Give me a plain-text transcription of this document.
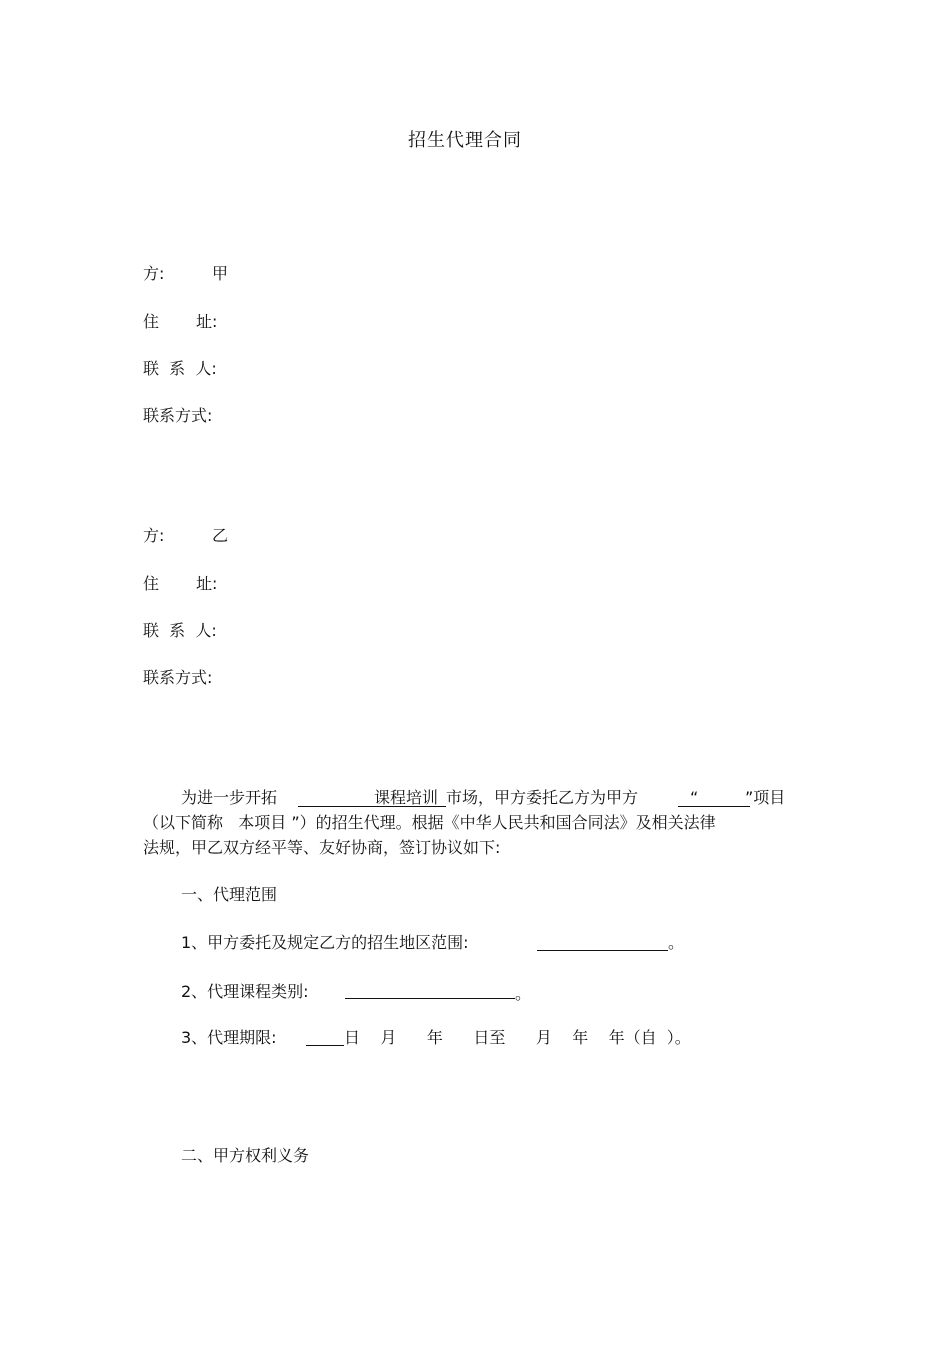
招生代理合同
方:	甲
住 址:
联  系  人:
联系方式:
方:	乙
住 址:
联  系  人:
联系方式:
为进一步开拓	课程培训 市场，甲方委托乙方为甲方	“	”项目
（以下简称   本项目 ”）的招生代理。根据《中华人民共和国合同法》及相关法律
法规，甲乙双方经平等、友好协商，签订协议如下:
一、代理范围
1、甲方委托及规定乙方的招生地区范围:	。
2、代理课程类别:	。
3、代理期限:	日    月      年      日至      月    年    年（自  ）。
二、甲方权利义务
